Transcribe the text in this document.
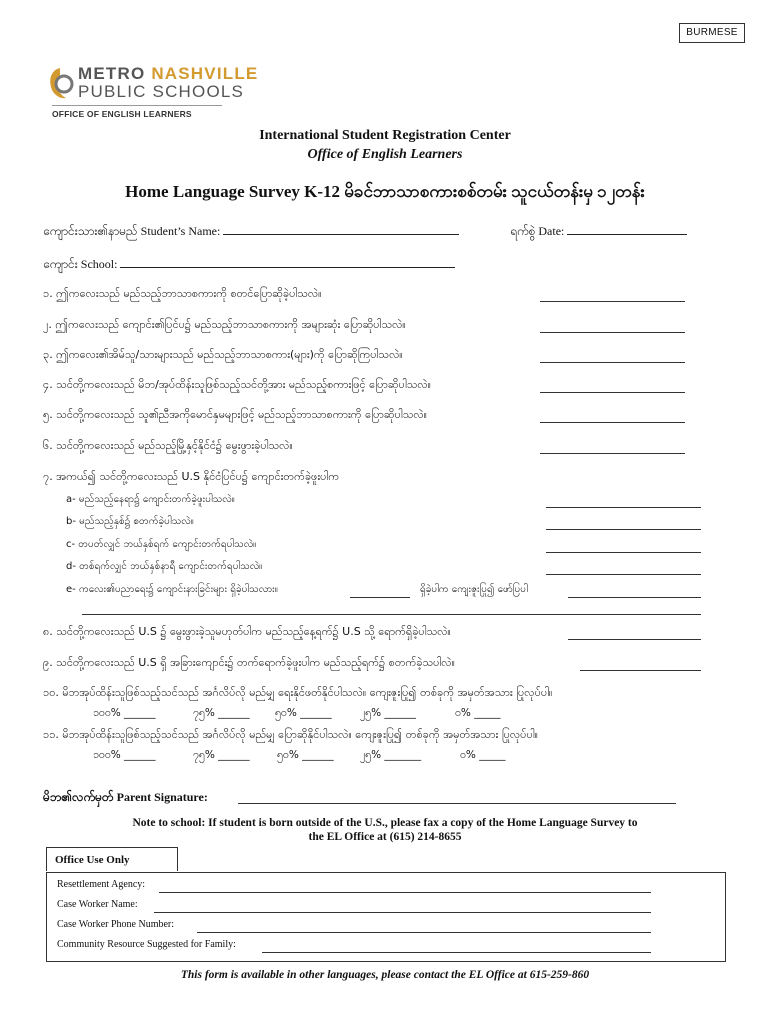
BURMESE
METRO NASHVILLE
PUBLIC SCHOOLS
OFFICE OF ENGLISH LEARNERS
International Student Registration Center
Office of English Learners
Home Language Survey K-12 မိခင်ဘာသာစကားစစ်တမ်း သူငယ်တန်းမှ ၁၂တန်း
ကျောင်းသား၏နာမည် Student’s Name:	ရက်စွဲ Date:
ကျောင်း School:
၁. ဤကလေးသည် မည်သည့်ဘာသာစကားကို စတင်ပြောဆိုခဲ့ပါသလဲ။
၂. ဤကလေးသည် ကျောင်း၏ပြင်ပ၌ မည်သည့်ဘာသာစကားကို အများဆုံး ပြောဆိုပါသလဲ။
၃. ဤကလေး၏အိမ်သူ/သားများသည် မည်သည့်ဘာသာစကား(များ)ကို ပြောဆိုကြပါသလဲ။
၄. သင်တို့ကလေးသည် မိဘ/အုပ်ထိန်းသူဖြစ်သည့်သင်တို့အား မည်သည့်စကားဖြင့် ပြောဆိုပါသလဲ။
၅. သင်တို့ကလေးသည် သူ၏ညီအကိုမောင်နှမများဖြင့် မည်သည့်ဘာသာစကားကို ပြောဆိုပါသလဲ။
၆. သင်တို့ကလေးသည် မည်သည့်မြို့နှင့်နိုင်ငံ၌ မွေးဖွားခဲ့ပါသလဲ။
၇. အကယ်၍ သင်တို့ကလေးသည် U.S နိုင်ငံပြင်ပ၌ ကျောင်းတက်ခဲ့ဖူးပါက
a- မည်သည့်နေရာ၌ ကျောင်းတက်ခဲ့ဖူးပါသလဲ။
b- မည်သည့်နှစ်၌ စတက်ခဲ့ပါသလဲ။
c- တပတ်လျှင် ဘယ်နှစ်ရက် ကျောင်းတက်ရပါသလဲ။
d- တစ်ရက်လျှင် ဘယ်နှစ်နာရီ ကျောင်းတက်ရပါသလဲ။
e- ကလေး၏ပညာရေး၌ ကျောင်းနားခြင်းများ ရှိခဲ့ပါသလား။	ရှိခဲ့ပါက ကျေးဇူးပြု၍ ဖော်ပြပါ
၈. သင်တို့ကလေးသည် U.S ၌ မွေးဖွားခဲ့သူမဟုတ်ပါက မည်သည့်နေ့ရက်၌ U.S သို့ ရောက်ရှိခဲ့ပါသလဲ။
၉. သင်တို့ကလေးသည် U.S ရှိ အခြားကျောင်း၌ တက်ရောက်ခဲ့ဖူးပါက မည်သည့်ရက်၌ စတက်ခဲ့သပါလဲ။
၁၀. မိဘအုပ်ထိန်းသူဖြစ်သည့်သင်သည် အင်္ဂလိပ်လို မည်မျှ ရေးနိုင်ဖတ်နိုင်ပါသလဲ။ ကျေးဇူးပြု၍ တစ်ခုကို အမှတ်အသား ပြုလုပ်ပါ။
၁၀၀% ______	၇၅% ______ ၅၀% ______	၂၅% ______	၀% _____
၁၁. မိဘအုပ်ထိန်းသူဖြစ်သည့်သင်သည် အင်္ဂလိပ်လို မည်မျှ ပြောဆိုနိုင်ပါသလဲ။ ကျေးဇူးပြု၍ တစ်ခုကို အမှတ်အသား ပြုလုပ်ပါ။
၁၀၀% ______	၇၅% ______	၅၀% ______	၂၅% _______	၀% _____
မိဘ၏လက်မှတ် Parent Signature:
Note to school: If student is born outside of the U.S., please fax a copy of the Home Language Survey to
the EL Office at (615) 214-8655
Office Use Only
Resettlement Agency:
Case Worker Name:
Case Worker Phone Number:
Community Resource Suggested for Family:
This form is available in other languages, please contact the EL Office at 615-259-860
